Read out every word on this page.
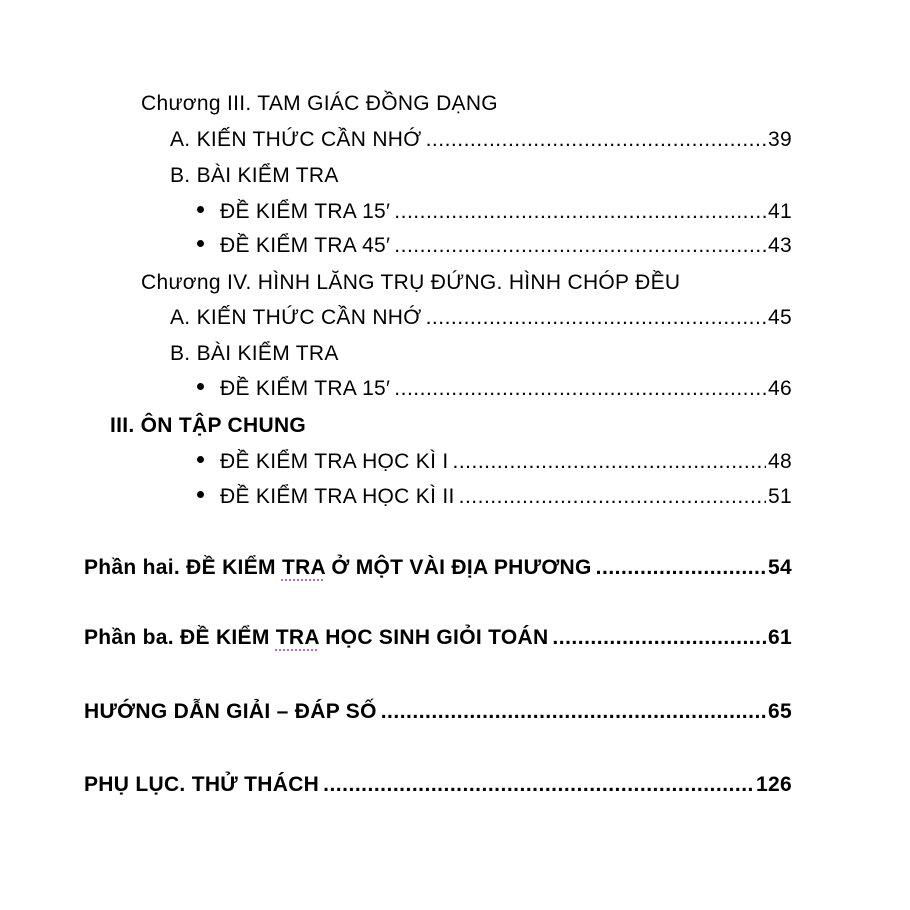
Chương III. TAM GIÁC ĐỒNG DẠNG
A. KIẾN THỨC CẦN NHỚ .....	39
B. BÀI KIỂM TRA
ĐỀ KIỂM TRA 15′ .....	41
ĐỀ KIỂM TRA 45′ .....	43
Chương IV. HÌNH LĂNG TRỤ ĐỨNG. HÌNH CHÓP ĐỀU
A. KIẾN THỨC CẦN NHỚ .....	45
B. BÀI KIỂM TRA
ĐỀ KIỂM TRA 15′ .....	46
III. ÔN TẬP CHUNG
ĐỀ KIỂM TRA HỌC KÌ I .....	48
ĐỀ KIỂM TRA HỌC KÌ II .....	51
Phần hai. ĐỀ KIỂM TRA Ở MỘT VÀI ĐỊA PHƯƠNG .....	54
Phần ba. ĐỀ KIỂM TRA HỌC SINH GIỎI TOÁN .....	61
HƯỚNG DẪN GIẢI – ĐÁP SỐ .....	65
PHỤ LỤC. THỬ THÁCH .....	126
